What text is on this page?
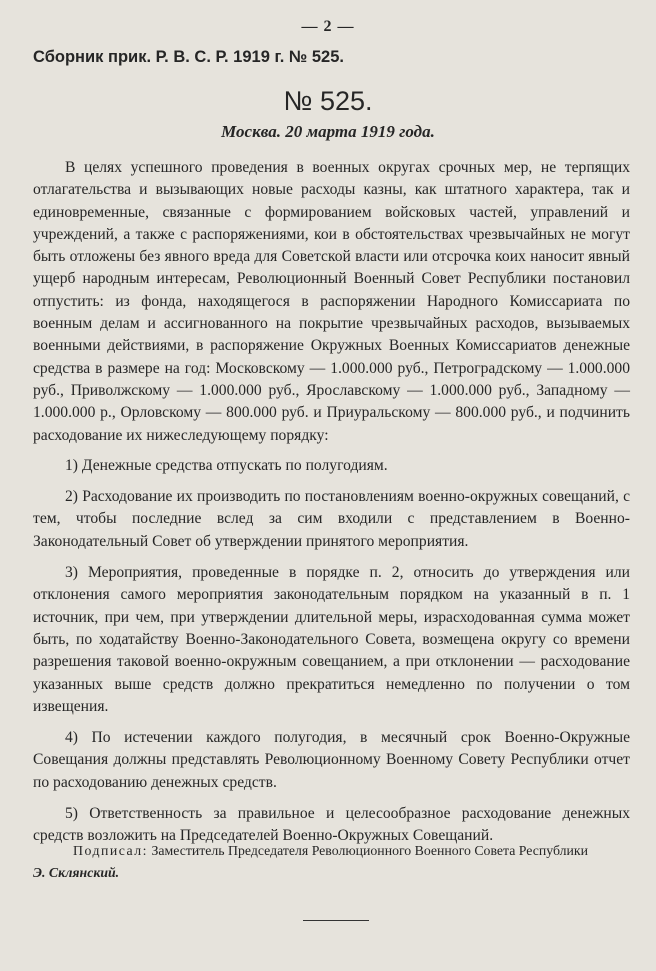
— 2 —
Сборник прик. Р. В. С. Р. 1919 г. № 525.
№ 525.
Москва. 20 марта 1919 года.

В целях успешного проведения в военных округах срочных мер, не терпящих отлагательства и вызывающих новые расходы казны, как штатного характера, так и единовременные, связанные с формированием войсковых частей, управлений и учреждений, а также с распоряжениями, кои в обстоятельствах чрезвычайных не могут быть отложены без явного вреда для Советской власти или отсрочка коих наносит явный ущерб народным интересам, Революционный Военный Совет Республики постановил отпустить: из фонда, находящегося в распоряжении Народного Комиссариата по военным делам и ассигнованного на покрытие чрезвычайных расходов, вызываемых военными действиями, в распоряжение Окружных Военных Комиссариатов денежные средства в размере на год: Московскому — 1.000.000 руб., Петроградскому — 1.000.000 руб., Приволжскому — 1.000.000 руб., Ярославскому — 1.000.000 руб., Западному — 1.000.000 р., Орловскому — 800.000 руб. и Приуральскому — 800.000 руб., и подчинить расходование их нижеследующему порядку:

1) Денежные средства отпускать по полугодиям.

2) Расходование их производить по постановлениям военно-окружных совещаний, с тем, чтобы последние вслед за сим входили с представлением в Военно-Законодательный Совет об утверждении принятого мероприятия.

3) Мероприятия, проведенные в порядке п. 2, относить до утверждения или отклонения самого мероприятия законодательным порядком на указанный в п. 1 источник, при чем, при утверждении длительной меры, израсходованная сумма может быть, по ходатайству Военно-Законодательного Совета, возмещена округу со времени разрешения таковой военно-окружным совещанием, а при отклонении — расходование указанных выше средств должно прекратиться немедленно по получении о том извещения.

4) По истечении каждого полугодия, в месячный срок Военно-Окружные Совещания должны представлять Революционному Военному Совету Республики отчет по расходованию денежных средств.

5) Ответственность за правильное и целесообразное расходование денежных средств возложить на Председателей Военно-Окружных Совещаний.

Подписал: Заместитель Председателя Революционного Военного Совета Республики
Э. Склянский.
